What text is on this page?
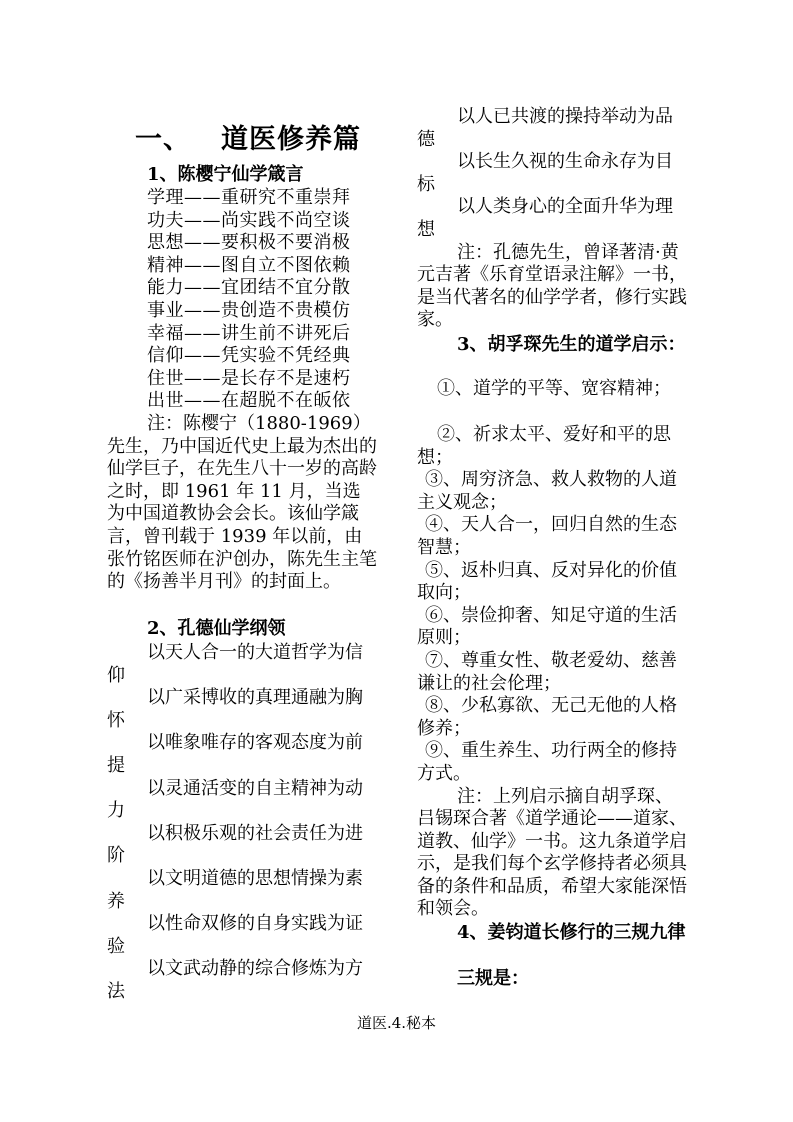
一、 道医修养篇

1、陈樱宁仙学箴言

学理——重研究不重崇拜

功夫——尚实践不尚空谈

思想——要积极不要消极

精神——图自立不图依赖

能力——宜团结不宜分散

事业——贵创造不贵模仿

幸福——讲生前不讲死后

信仰——凭实验不凭经典

住世——是长存不是速朽

出世——在超脱不在皈依

注：陈樱宁（1880-1969）

先生，乃中国近代史上最为杰出的仙学巨子，在先生八十一岁的高龄之时，即 1961 年 11 月，当选为中国道教协会会长。该仙学箴言，曾刊载于 1939 年以前，由张竹铭医师在沪创办，陈先生主笔的《扬善半月刊》的封面上。

2、孔德仙学纲领

以天人合一的大道哲学为信仰

以广采博收的真理通融为胸怀

以唯象唯存的客观态度为前提

以灵通活变的自主精神为动力

以积极乐观的社会责任为进阶

以文明道德的思想情操为素养

以性命双修的自身实践为证验

以文武动静的综合修炼为方法

以人已共渡的操持举动为品德

以长生久视的生命永存为目标

以人类身心的全面升华为理想

注：孔德先生，曾译著清·黄元吉著《乐育堂语录注解》一书，是当代著名的仙学学者，修行实践家。

3、胡孚琛先生的道学启示：

①、道学的平等、宽容精神；

②、祈求太平、爱好和平的思想；

③、周穷济急、救人救物的人道主义观念；

④、天人合一，回归自然的生态智慧；

⑤、返朴归真、反对异化的价值取向；

⑥、崇俭抑奢、知足守道的生活原则；

⑦、尊重女性、敬老爱幼、慈善谦让的社会伦理；

⑧、少私寡欲、无己无他的人格修养；

⑨、重生养生、功行两全的修持方式。

注：上列启示摘自胡孚琛、吕锡琛合著《道学通论——道家、道教、仙学》一书。这九条道学启示，是我们每个玄学修持者必须具备的条件和品质，希望大家能深悟和领会。

4、姜钧道长修行的三规九律

三规是：

道医.4.秘本
